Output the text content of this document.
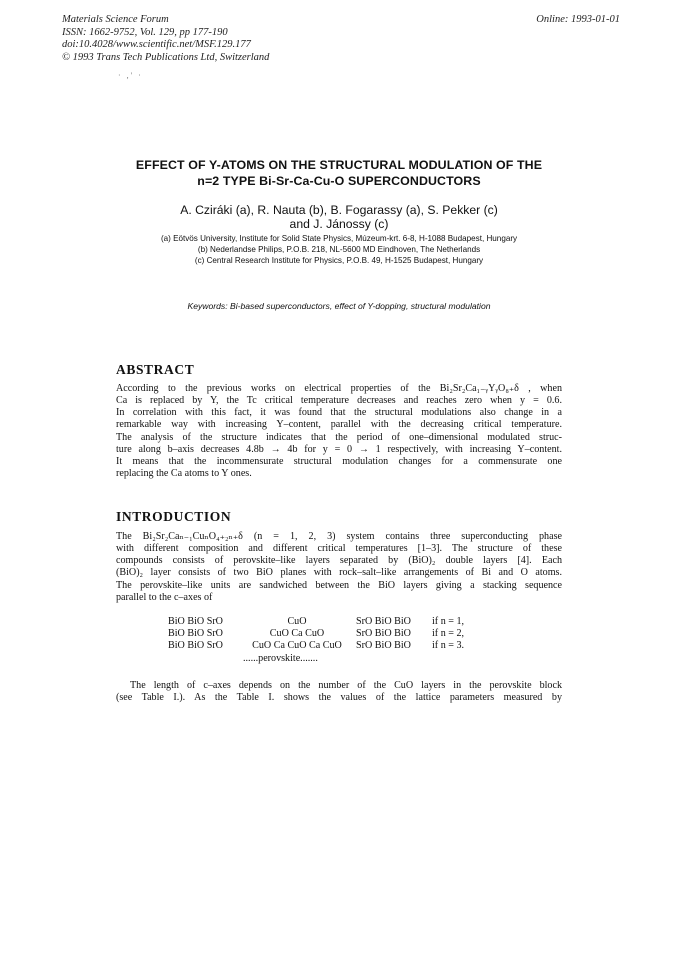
Materials Science Forum
ISSN: 1662-9752, Vol. 129, pp 177-190
doi:10.4028/www.scientific.net/MSF.129.177
© 1993 Trans Tech Publications Ltd, Switzerland
Online: 1993-01-01
· ,' ·
EFFECT OF Y-ATOMS ON THE STRUCTURAL MODULATION OF THE
n=2 TYPE Bi-Sr-Ca-Cu-O SUPERCONDUCTORS
A. Cziráki (a), R. Nauta (b), B. Fogarassy (a), S. Pekker (c)
and J. Jánossy (c)
(a) Eötvös University, Institute for Solid State Physics, Múzeum-krt. 6-8, H-1088 Budapest, Hungary
(b) Nederlandse Philips, P.O.B. 218, NL-5600 MD Eindhoven, The Netherlands
(c) Central Research Institute for Physics, P.O.B. 49, H-1525 Budapest, Hungary
Keywords: Bi-based superconductors, effect of Y-dopping, structural modulation
ABSTRACT
According to the previous works on electrical properties of the Bi₂Sr₂Ca₁₋ᵧYᵧO₈₊δ , when
Ca is replaced by Y, the Tc critical temperature decreases and reaches zero when y = 0.6.
In correlation with this fact, it was found that the structural modulations also change in a
remarkable way with increasing Y–content, parallel with the decreasing critical temperature.
The analysis of the structure indicates that the period of one–dimensional modulated struc-
ture along b–axis decreases 4.8b → 4b for y = 0 → 1 respectively, with increasing Y–content.
It means that the incommensurate structural modulation changes for a commensurate one
replacing the Ca atoms to Y ones.
INTRODUCTION
The Bi₂Sr₂Caₙ₋₁CuₙO₄₊₂ₙ₊δ (n = 1, 2, 3) system contains three superconducting phase
with different composition and different critical temperatures [1–3]. The structure of these
compounds consists of perovskite–like layers separated by (BiO)₂ double layers [4]. Each
(BiO)₂ layer consists of two BiO planes with rock–salt–like arrangements of Bi and O atoms.
The perovskite–like units are sandwiched between the BiO layers giving a stacking sequence
parallel to the c–axes of
BiO BiO SrO	CuO	SrO BiO BiO if n = 1,
BiO BiO SrO	CuO Ca CuO	SrO BiO BiO if n = 2,
BiO BiO SrO	CuO Ca CuO Ca CuO	SrO BiO BiO if n = 3.
......perovskite.......
The length of c–axes depends on the number of the CuO layers in the perovskite block
(see Table I.). As the Table I. shows the values of the lattice parameters measured by
